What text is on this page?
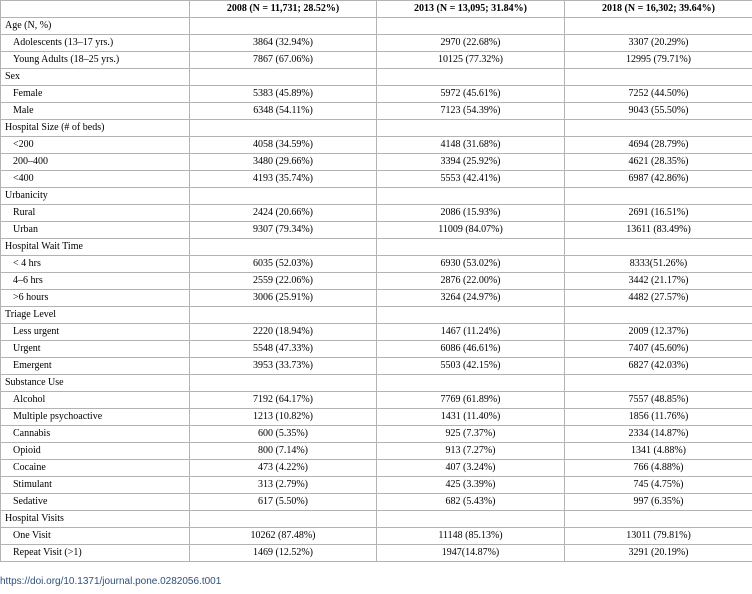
	2008 (N = 11,731; 28.52%)	2013 (N = 13,095; 31.84%)	2018 (N = 16,302; 39.64%)
Age (N, %)			
Adolescents (13–17 yrs.)	3864 (32.94%)	2970 (22.68%)	3307 (20.29%)
Young Adults (18–25 yrs.)	7867 (67.06%)	10125 (77.32%)	12995 (79.71%)
Sex			
Female	5383 (45.89%)	5972 (45.61%)	7252 (44.50%)
Male	6348 (54.11%)	7123 (54.39%)	9043 (55.50%)
Hospital Size (# of beds)			
<200	4058 (34.59%)	4148 (31.68%)	4694 (28.79%)
200–400	3480 (29.66%)	3394 (25.92%)	4621 (28.35%)
<400	4193 (35.74%)	5553 (42.41%)	6987 (42.86%)
Urbanicity			
Rural	2424 (20.66%)	2086 (15.93%)	2691 (16.51%)
Urban	9307 (79.34%)	11009 (84.07%)	13611 (83.49%)
Hospital Wait Time			
< 4 hrs	6035 (52.03%)	6930 (53.02%)	8333(51.26%)
4–6 hrs	2559 (22.06%)	2876 (22.00%)	3442 (21.17%)
>6 hours	3006 (25.91%)	3264 (24.97%)	4482 (27.57%)
Triage Level			
Less urgent	2220 (18.94%)	1467 (11.24%)	2009 (12.37%)
Urgent	5548 (47.33%)	6086 (46.61%)	7407 (45.60%)
Emergent	3953 (33.73%)	5503 (42.15%)	6827 (42.03%)
Substance Use			
Alcohol	7192 (64.17%)	7769 (61.89%)	7557 (48.85%)
Multiple psychoactive	1213 (10.82%)	1431 (11.40%)	1856 (11.76%)
Cannabis	600 (5.35%)	925 (7.37%)	2334 (14.87%)
Opioid	800 (7.14%)	913 (7.27%)	1341 (4.88%)
Cocaine	473 (4.22%)	407 (3.24%)	766 (4.88%)
Stimulant	313 (2.79%)	425 (3.39%)	745 (4.75%)
Sedative	617 (5.50%)	682 (5.43%)	997 (6.35%)
Hospital Visits			
One Visit	10262 (87.48%)	11148 (85.13%)	13011 (79.81%)
Repeat Visit (>1)	1469 (12.52%)	1947(14.87%)	3291 (20.19%)
https://doi.org/10.1371/journal.pone.0282056.t001
